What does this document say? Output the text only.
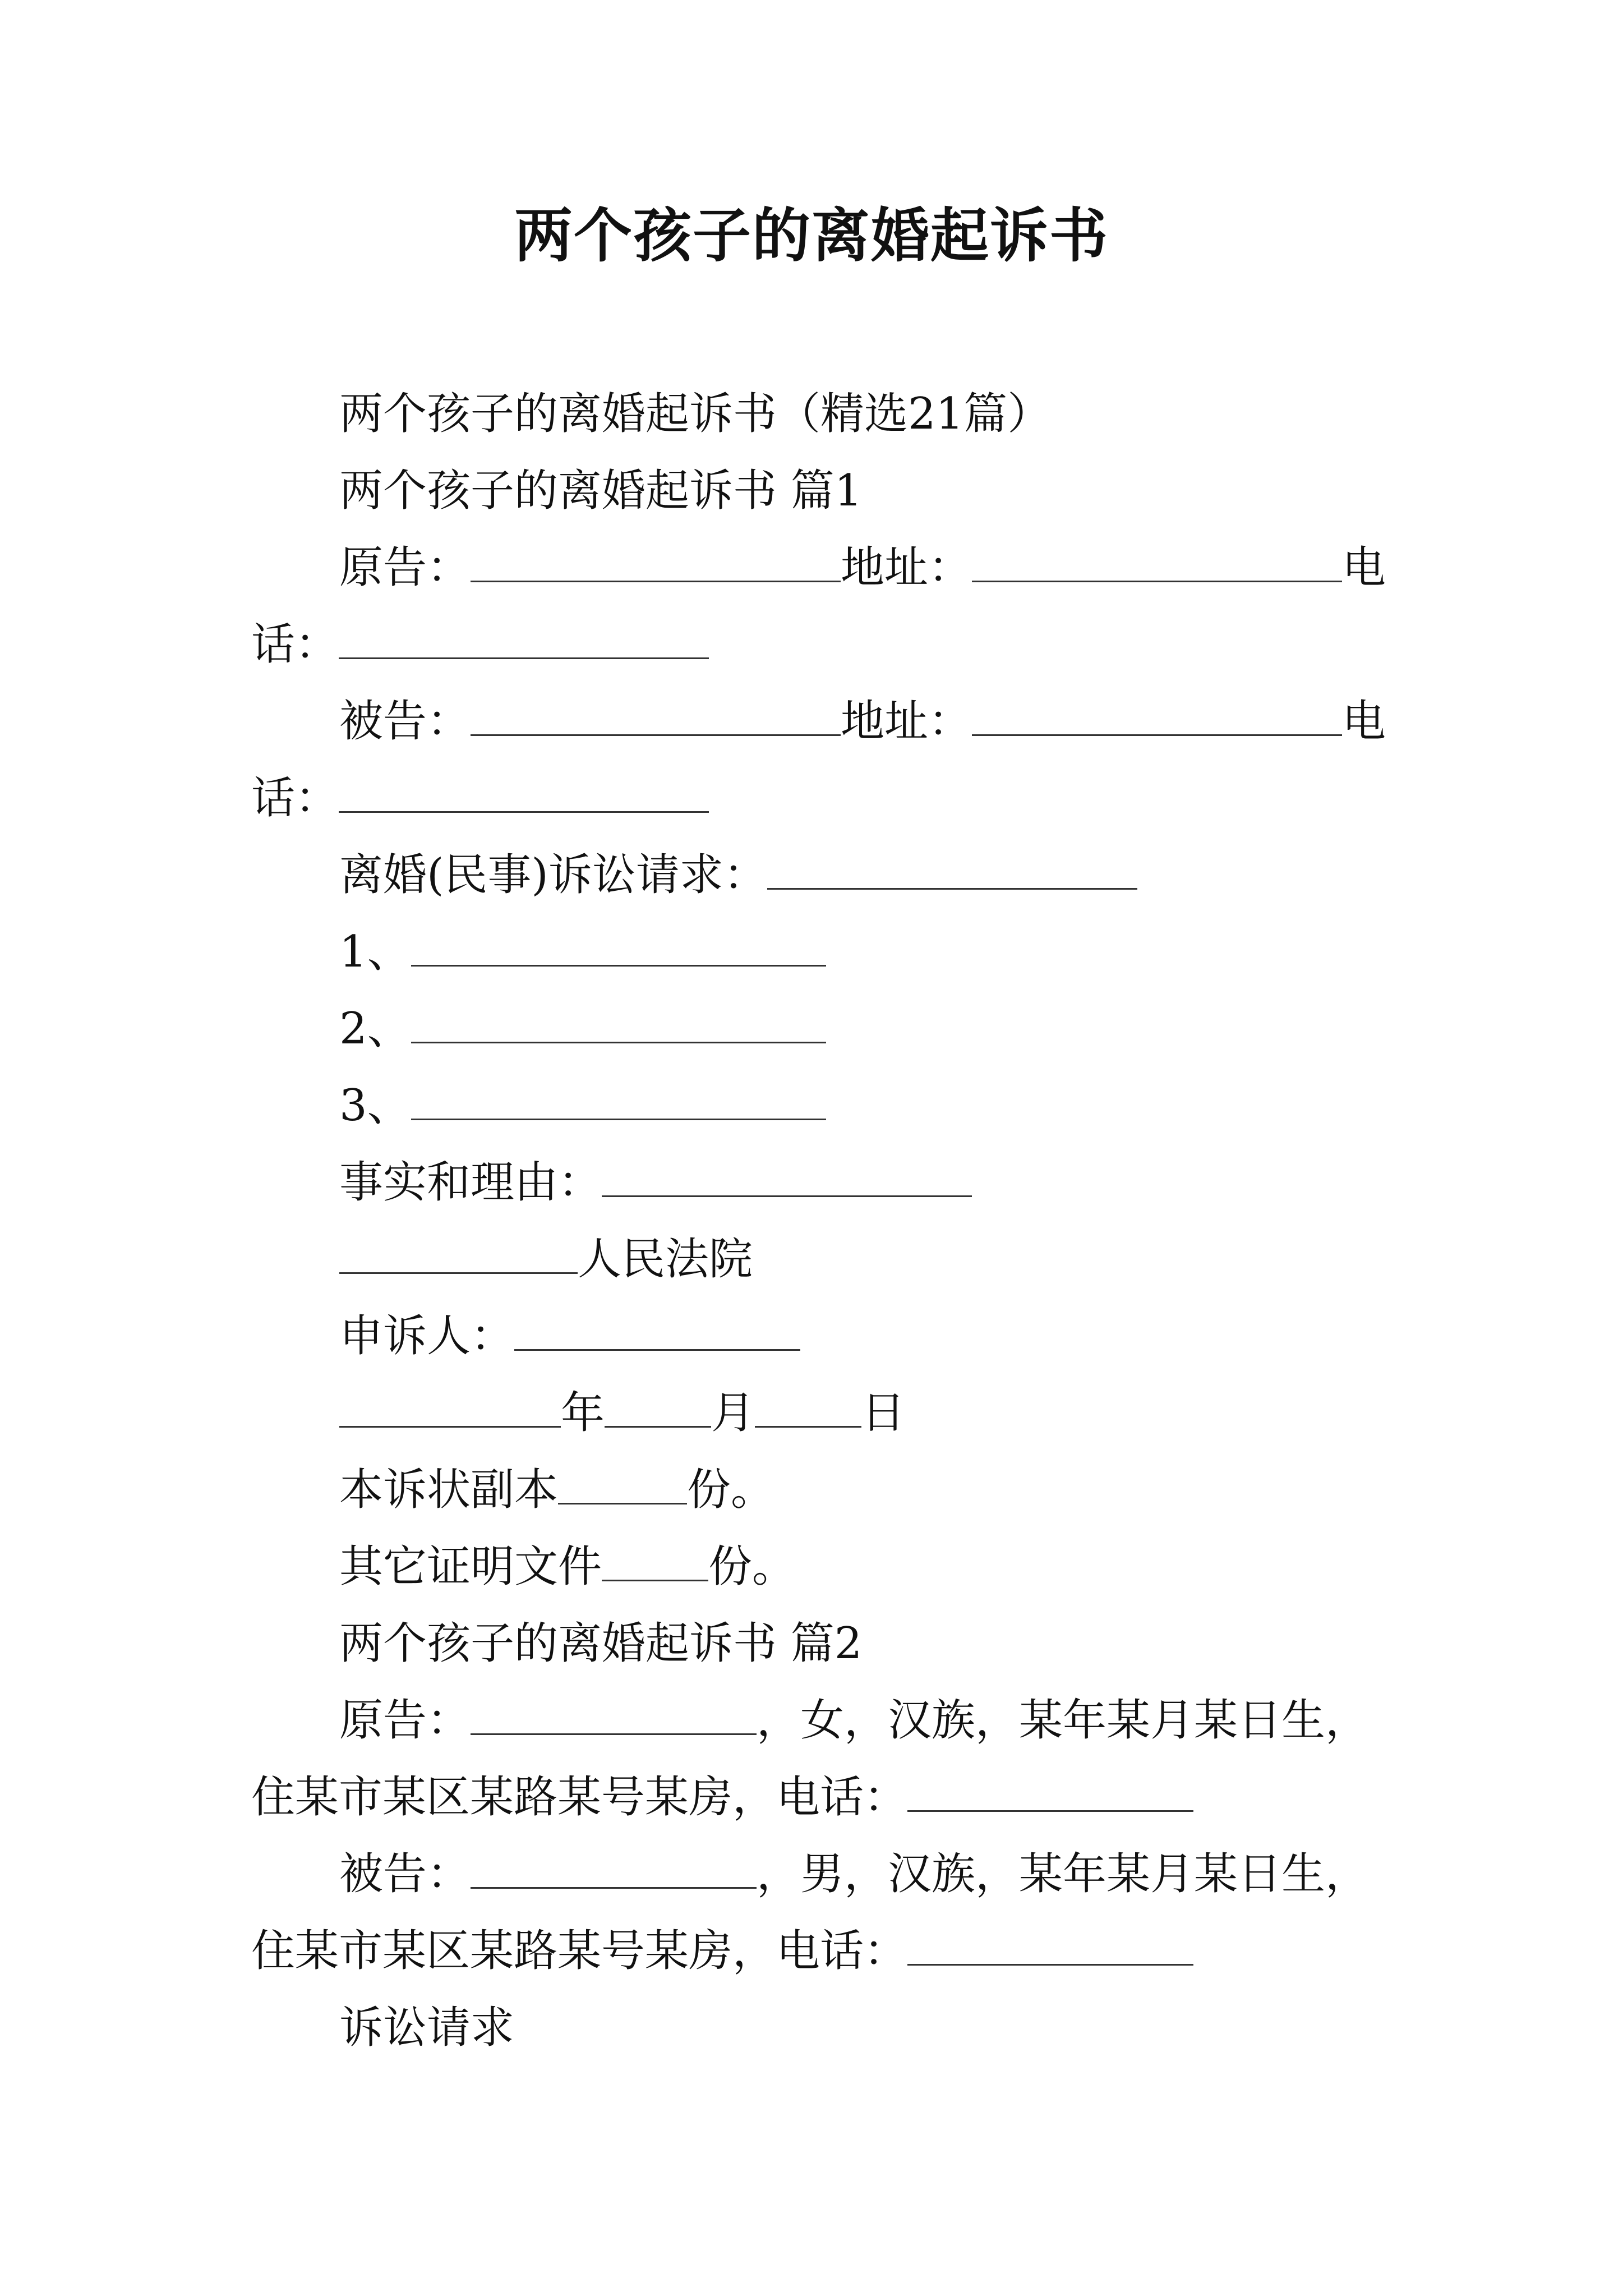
两个孩子的离婚起诉书
两个孩子的离婚起诉书（精选21篇）
两个孩子的离婚起诉书 篇1
原告：	地址：	电
话：
被告：	地址：	电
话：
离婚(民事)诉讼请求：
1、
2、
3、
事实和理由：
人民法院
申诉人：
年 月 日
本诉状副本	份。
其它证明文件 份。
两个孩子的离婚起诉书 篇2
原告：	，女，汉族，某年某月某日生，
住某市某区某路某号某房，电话：
被告：	，男，汉族，某年某月某日生，
住某市某区某路某号某房，电话：
诉讼请求
